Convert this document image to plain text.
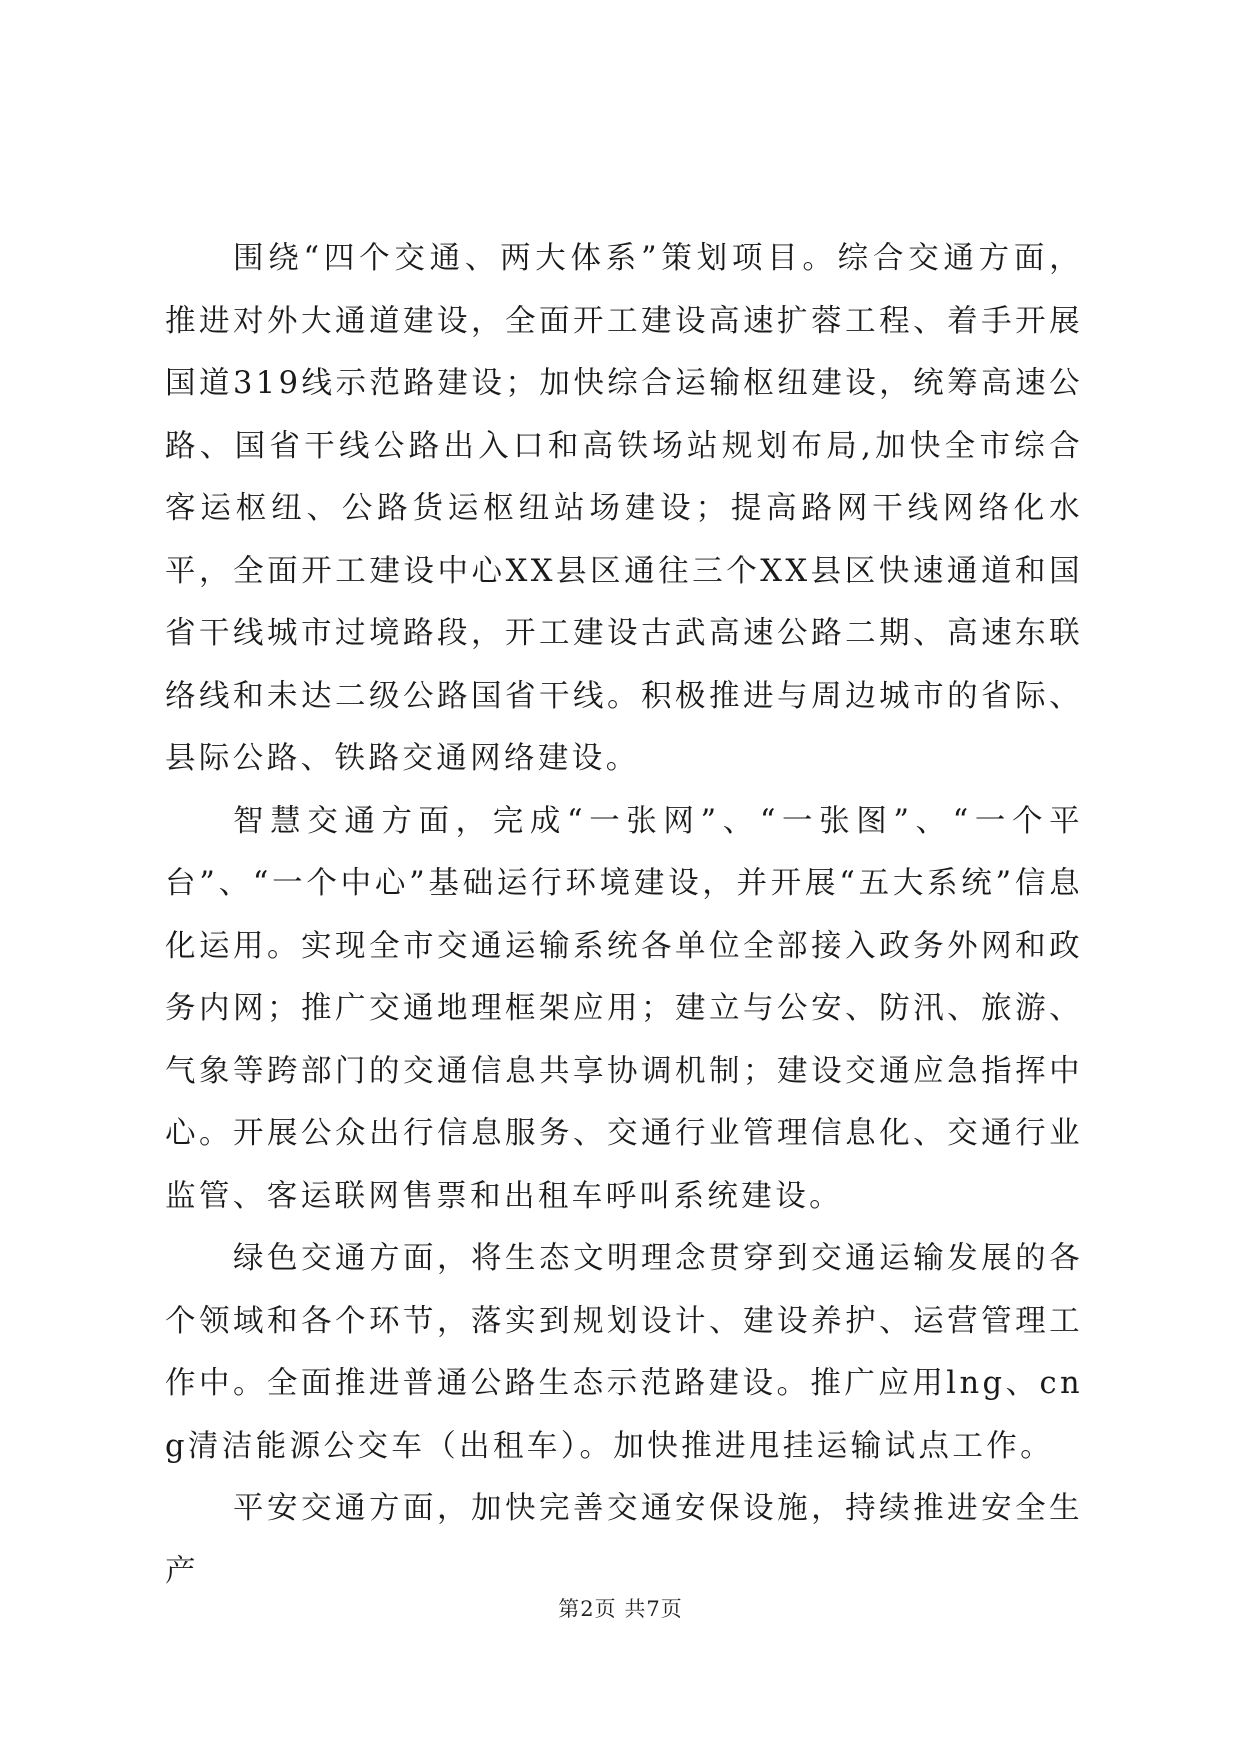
围绕“四个交通、两大体系”策划项目。综合交通方面，推进对外大通道建设，全面开工建设高速扩蓉工程、着手开展国道319线示范路建设；加快综合运输枢纽建设，统筹高速公路、国省干线公路出入口和高铁场站规划布局,加快全市综合客运枢纽、公路货运枢纽站场建设；提高路网干线网络化水平，全面开工建设中心XX县区通往三个XX县区快速通道和国省干线城市过境路段，开工建设古武高速公路二期、高速东联络线和未达二级公路国省干线。积极推进与周边城市的省际、县际公路、铁路交通网络建设。

智慧交通方面，完成“一张网”、“一张图”、“一个平台”、“一个中心”基础运行环境建设，并开展“五大系统”信息化运用。实现全市交通运输系统各单位全部接入政务外网和政务内网；推广交通地理框架应用；建立与公安、防汛、旅游、气象等跨部门的交通信息共享协调机制；建设交通应急指挥中心。开展公众出行信息服务、交通行业管理信息化、交通行业监管、客运联网售票和出租车呼叫系统建设。

绿色交通方面，将生态文明理念贯穿到交通运输发展的各个领域和各个环节，落实到规划设计、建设养护、运营管理工作中。全面推进普通公路生态示范路建设。推广应用lng、cng清洁能源公交车（出租车）。加快推进甩挂运输试点工作。

平安交通方面，加快完善交通安保设施，持续推进安全生产

第2页 共7页
